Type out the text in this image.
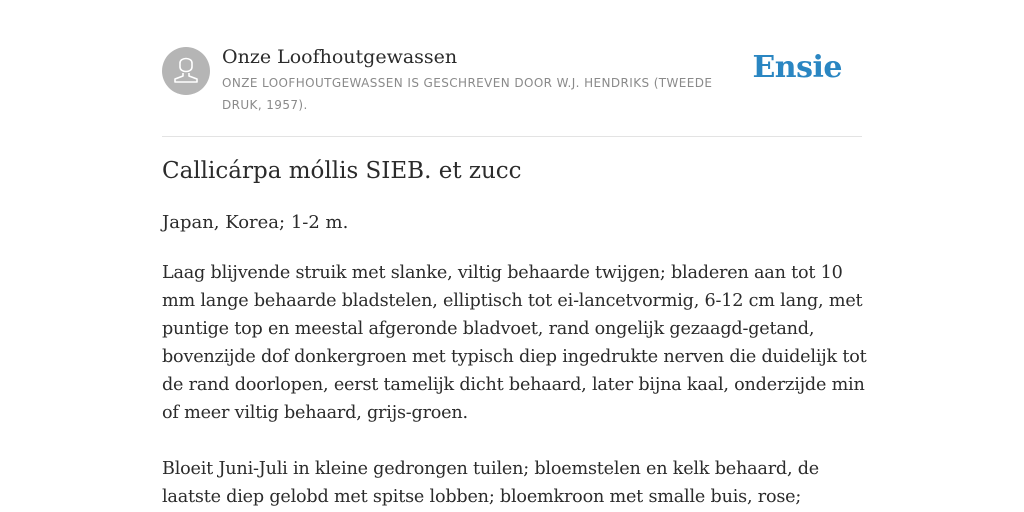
Onze Loofhoutgewassen
ONZE LOOFHOUTGEWASSEN IS GESCHREVEN DOOR W.J. HENDRIKS (TWEEDE DRUK, 1957).
Ensie
Callicárpa móllis SIEB. et zucc

Japan, Korea; 1-2 m.

Laag blijvende struik met slanke, viltig behaarde twijgen; bladeren aan tot 10 mm lange behaarde bladstelen, elliptisch tot ei-lancetvormig, 6-12 cm lang, met puntige top en meestal afgeronde bladvoet, rand ongelijk gezaagd-getand, bovenzijde dof donkergroen met typisch diep ingedrukte nerven die duidelijk tot de rand doorlopen, eerst tamelijk dicht behaard, later bijna kaal, onderzijde min of meer viltig behaard, grijs-groen.

Bloeit Juni-Juli in kleine gedrongen tuilen; bloemstelen en kelk behaard, de laatste diep gelobd met spitse lobben; bloemkroon met smalle buis, rose;
